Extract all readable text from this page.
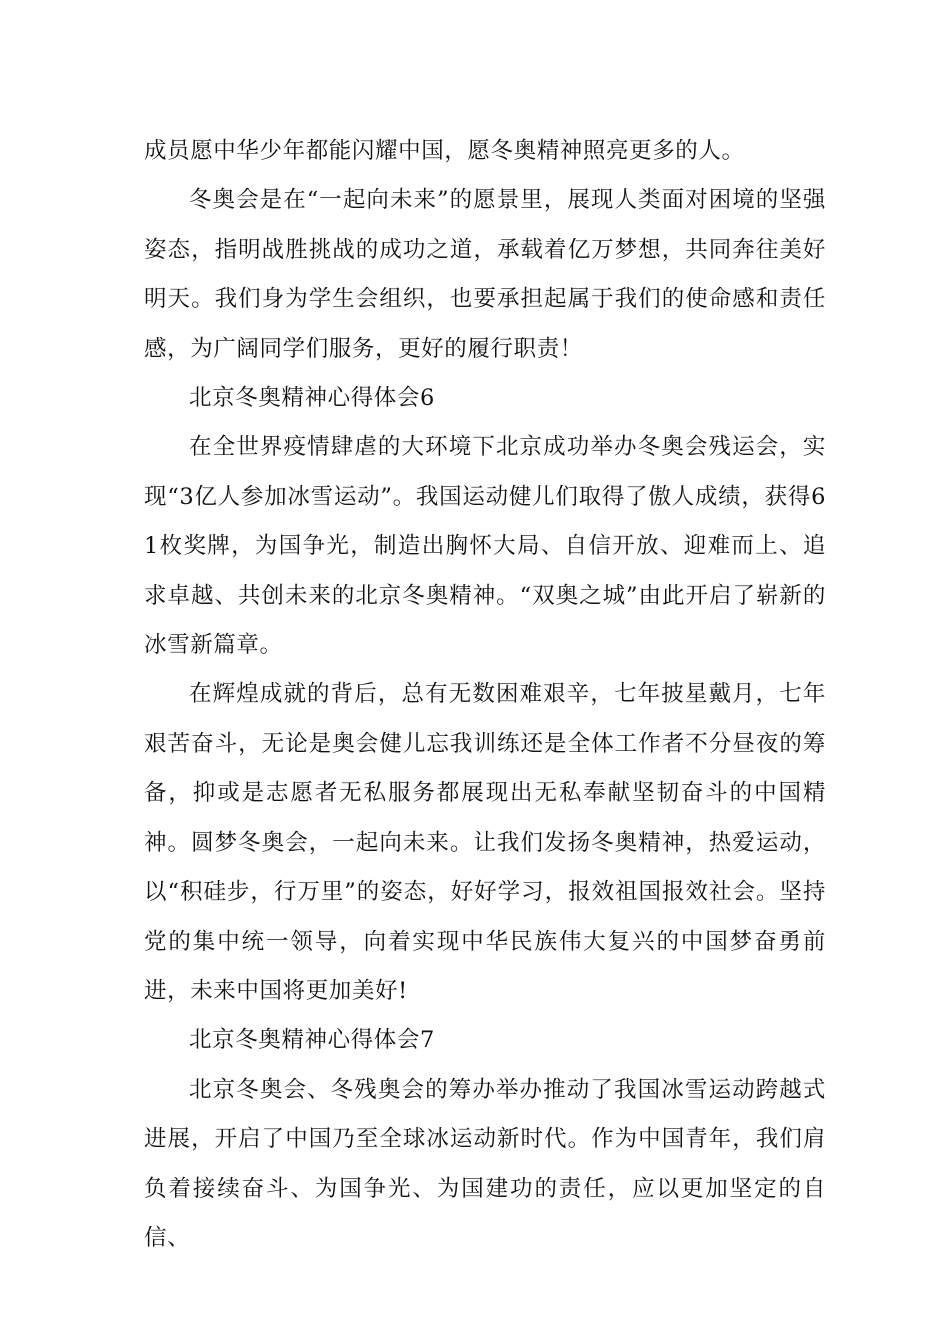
成员愿中华少年都能闪耀中国，愿冬奥精神照亮更多的人。

冬奥会是在“一起向未来”的愿景里，展现人类面对困境的坚强姿态，指明战胜挑战的成功之道，承载着亿万梦想，共同奔往美好明天。我们身为学生会组织，也要承担起属于我们的使命感和责任感，为广阔同学们服务，更好的履行职责！

北京冬奥精神心得体会6

在全世界疫情肆虐的大环境下北京成功举办冬奥会残运会，实现“3亿人参加冰雪运动”。我国运动健儿们取得了傲人成绩，获得61枚奖牌，为国争光，制造出胸怀大局、自信开放、迎难而上、追求卓越、共创未来的北京冬奥精神。“双奥之城”由此开启了崭新的冰雪新篇章。

在辉煌成就的背后，总有无数困难艰辛，七年披星戴月，七年艰苦奋斗，无论是奥会健儿忘我训练还是全体工作者不分昼夜的筹备，抑或是志愿者无私服务都展现出无私奉献坚韧奋斗的中国精神。圆梦冬奥会，一起向未来。让我们发扬冬奥精神，热爱运动，以“积硅步，行万里”的姿态，好好学习，报效祖国报效社会。坚持党的集中统一领导，向着实现中华民族伟大复兴的中国梦奋勇前进，未来中国将更加美好!

北京冬奥精神心得体会7

北京冬奥会、冬残奥会的筹办举办推动了我国冰雪运动跨越式进展，开启了中国乃至全球冰运动新时代。作为中国青年，我们肩负着接续奋斗、为国争光、为国建功的责任，应以更加坚定的自信、
